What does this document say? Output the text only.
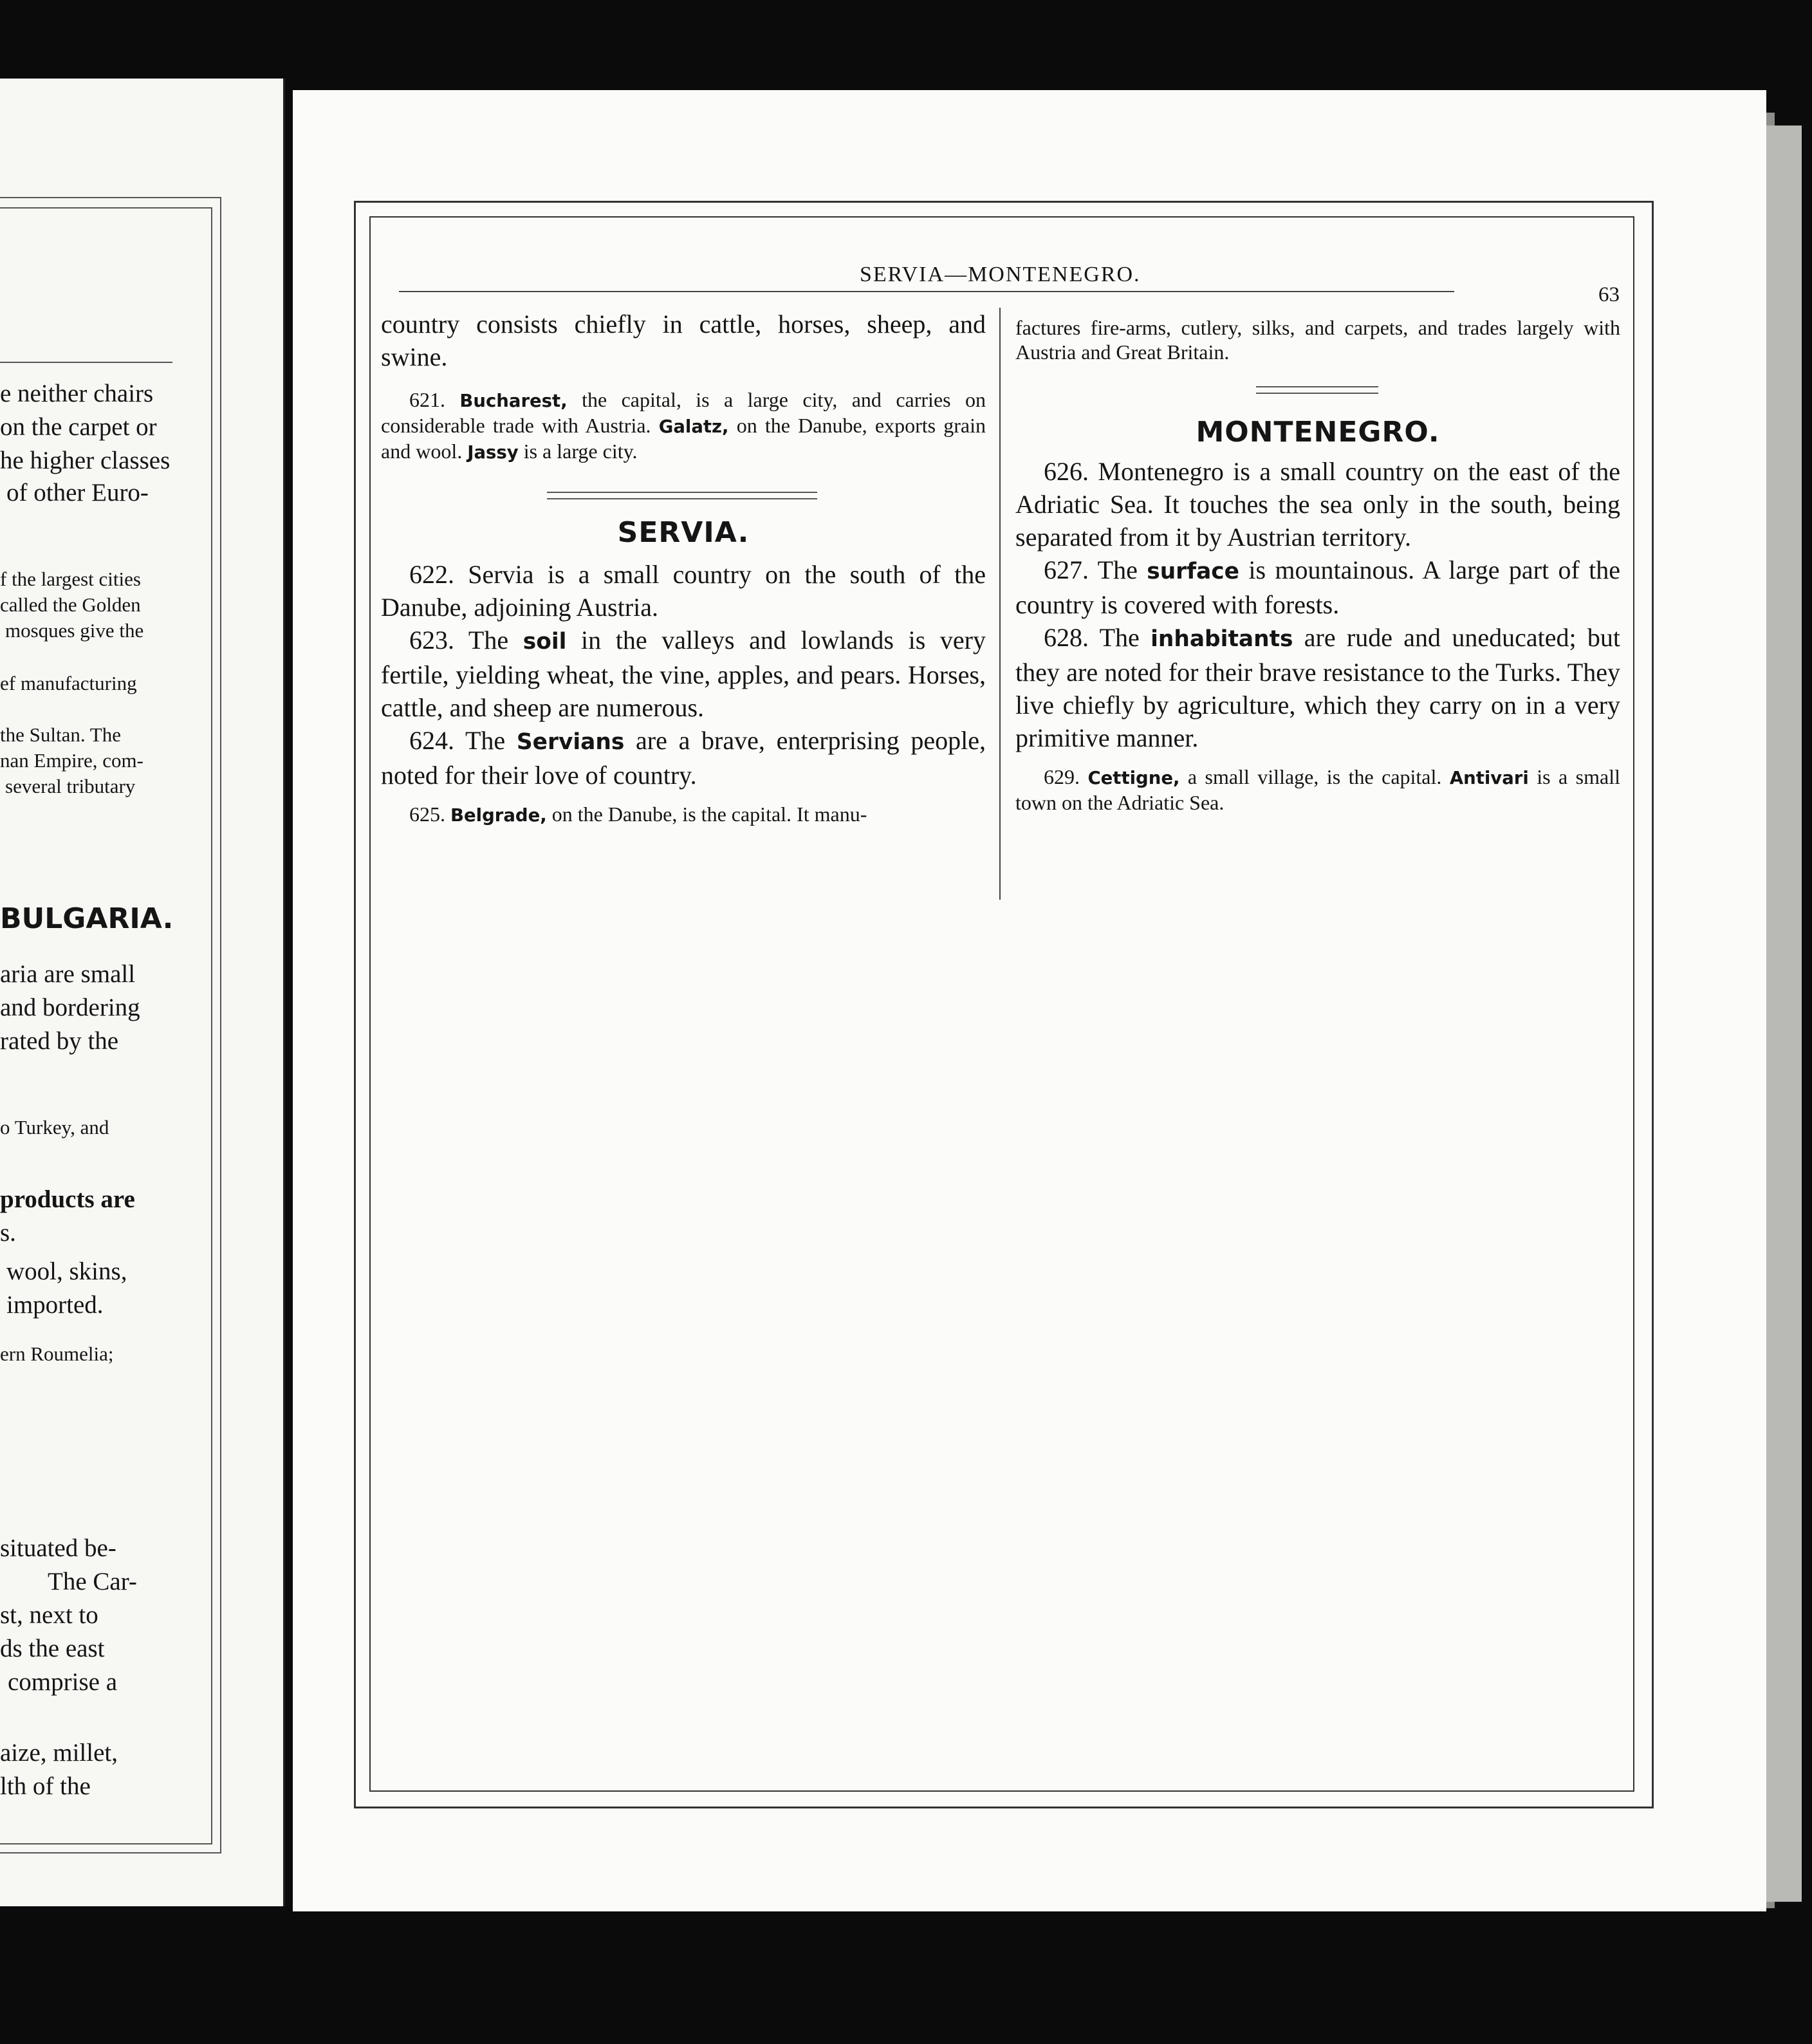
e neither chairs
on the carpet or
he higher classes
of other Euro-
f the largest cities
called the Golden
mosques give the
ef manufacturing
the Sultan. The
nan Empire, com-
several tributary
BULGARIA.
aria are small
and bordering
rated by the
o Turkey, and
products are
s.
wool, skins,
imported.
ern Roumelia;
situated be-
The Car-
st, next to
ds the east
comprise a
aize, millet,
lth of the
SERVIA—MONTENEGRO.
63

country consists chiefly in cattle, horses, sheep, and swine.

621. Bucharest, the capital, is a large city, and carries on considerable trade with Austria. Galatz, on the Danube, exports grain and wool. Jassy is a large city.

SERVIA.

622. Servia is a small country on the south of the Danube, adjoining Austria.

623. The soil in the valleys and lowlands is very fertile, yielding wheat, the vine, apples, and pears. Horses, cattle, and sheep are numerous.

624. The Servians are a brave, enterprising people, noted for their love of country.

625. Belgrade, on the Danube, is the capital. It manu-

factures fire-arms, cutlery, silks, and carpets, and trades largely with Austria and Great Britain.

MONTENEGRO.

626. Montenegro is a small country on the east of the Adriatic Sea. It touches the sea only in the south, being separated from it by Austrian territory.

627. The surface is mountainous. A large part of the country is covered with forests.

628. The inhabitants are rude and uneducated; but they are noted for their brave resistance to the Turks. They live chiefly by agriculture, which they carry on in a very primitive manner.

629. Cettigne, a small village, is the capital. Antivari is a small town on the Adriatic Sea.
